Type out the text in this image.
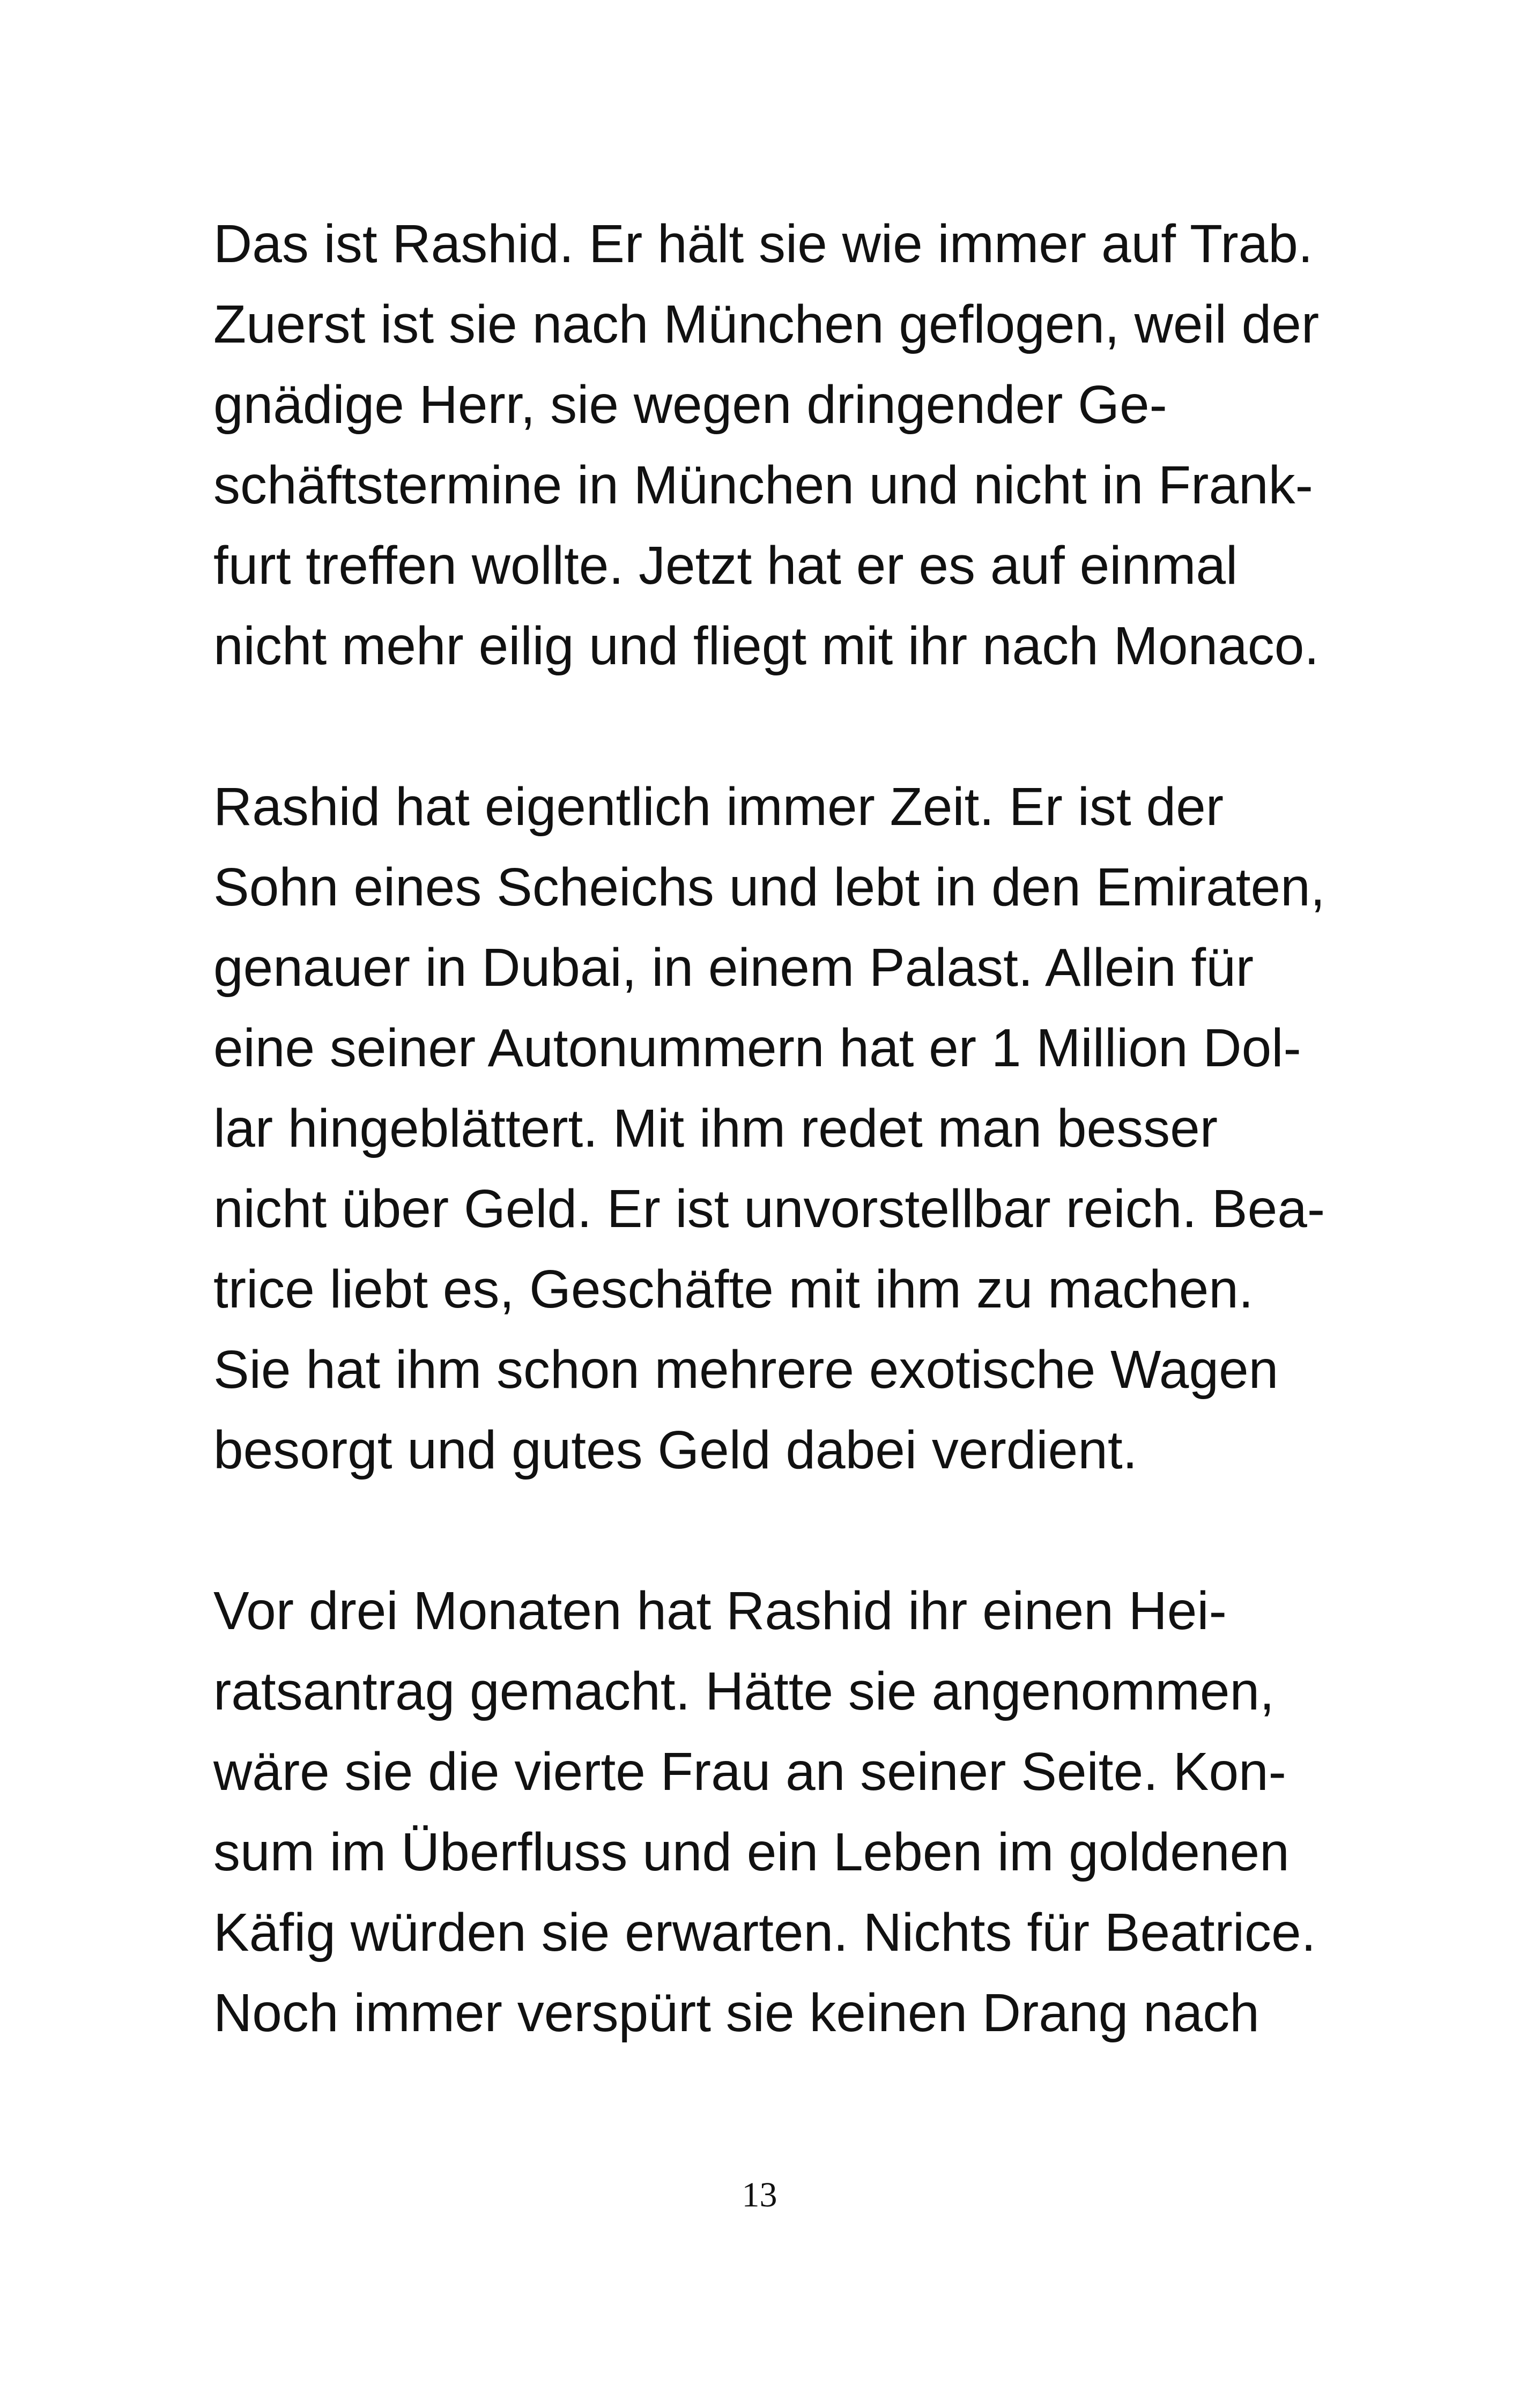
Das ist Rashid. Er hält sie wie immer auf Trab.
Zuerst ist sie nach München geflogen, weil der
gnädige Herr, sie wegen dringender Ge-
schäftstermine in München und nicht in Frank-
furt treffen wollte. Jetzt hat er es auf einmal
nicht mehr eilig und fliegt mit ihr nach Monaco.

Rashid hat eigentlich immer Zeit. Er ist der
Sohn eines Scheichs und lebt in den Emiraten,
genauer in Dubai, in einem Palast. Allein für
eine seiner Autonummern hat er 1 Million Dol-
lar hingeblättert. Mit ihm redet man besser
nicht über Geld. Er ist unvorstellbar reich. Bea-
trice liebt es, Geschäfte mit ihm zu machen.
Sie hat ihm schon mehrere exotische Wagen
besorgt und gutes Geld dabei verdient.

Vor drei Monaten hat Rashid ihr einen Hei-
ratsantrag gemacht. Hätte sie angenommen,
wäre sie die vierte Frau an seiner Seite. Kon-
sum im Überfluss und ein Leben im goldenen
Käfig würden sie erwarten. Nichts für Beatrice.
Noch immer verspürt sie keinen Drang nach

13
